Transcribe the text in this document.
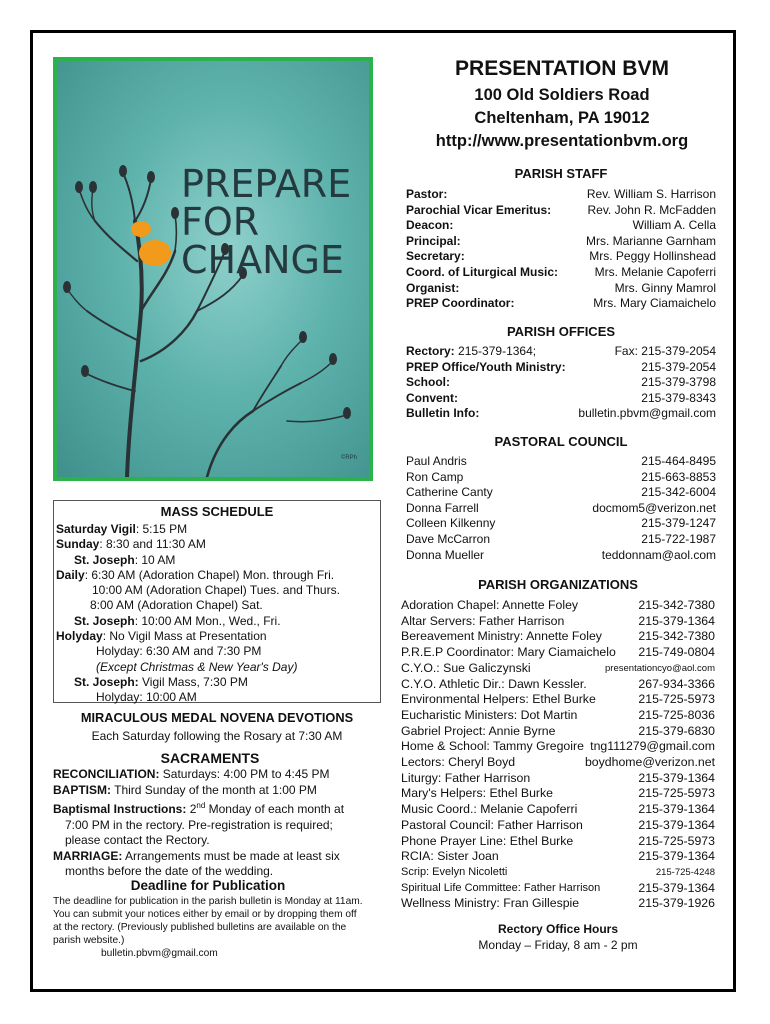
PREPARE
FOR
CHANGE
©RPh
MASS SCHEDULE
Saturday Vigil: 5:15 PM
Sunday: 8:30 and 11:30 AM
St. Joseph: 10 AM
Daily: 6:30 AM (Adoration Chapel) Mon. through Fri.
10:00 AM (Adoration Chapel) Tues. and Thurs.
8:00 AM (Adoration Chapel) Sat.
St. Joseph: 10:00 AM Mon., Wed., Fri.
Holyday: No Vigil Mass at Presentation
Holyday: 6:30 AM and 7:30 PM
(Except Christmas & New Year's Day)
St. Joseph: Vigil Mass, 7:30 PM
Holyday: 10:00 AM
MIRACULOUS MEDAL NOVENA DEVOTIONS
Each Saturday following the Rosary at 7:30 AM
SACRAMENTS
RECONCILIATION: Saturdays: 4:00 PM to 4:45 PM
BAPTISM: Third Sunday of the month at 1:00 PM
Baptismal Instructions: 2nd Monday of each month at
7:00 PM in the rectory. Pre-registration is required;
please contact the Rectory.
MARRIAGE: Arrangements must be made at least six
months before the date of the wedding.
Deadline for Publication
The deadline for publication in the parish bulletin is Monday at 11am. You can submit your notices either by email or by dropping them off at the rectory. (Previously published bulletins are available on the parish website.)
bulletin.pbvm@gmail.com
PRESENTATION BVM
100 Old Soldiers Road
Cheltenham, PA 19012
http://www.presentationbvm.org
PARISH STAFF
Pastor:	Rev. William S. Harrison
Parochial Vicar Emeritus:	Rev. John R. McFadden
Deacon:	William A. Cella
Principal:	Mrs. Marianne Garnham
Secretary:	Mrs. Peggy Hollinshead
Coord. of Liturgical Music:	Mrs. Melanie Capoferri
Organist:	Mrs. Ginny Mamrol
PREP Coordinator:	Mrs. Mary Ciamaichelo
PARISH OFFICES
Rectory: 215-379-1364;	Fax: 215-379-2054
PREP Office/Youth Ministry:	215-379-2054
School:	215-379-3798
Convent:	215-379-8343
Bulletin Info:	bulletin.pbvm@gmail.com
PASTORAL COUNCIL
Paul Andris	215-464-8495
Ron Camp	215-663-8853
Catherine Canty	215-342-6004
Donna Farrell	docmom5@verizon.net
Colleen Kilkenny	215-379-1247
Dave McCarron	215-722-1987
Donna Mueller	teddonnam@aol.com
PARISH ORGANIZATIONS
Adoration Chapel: Annette Foley	215-342-7380
Altar Servers: Father Harrison	215-379-1364
Bereavement Ministry: Annette Foley	215-342-7380
P.R.E.P Coordinator: Mary Ciamaichelo 215-749-0804
C.Y.O.: Sue Galiczynski	presentationcyo@aol.com
C.Y.O. Athletic Dir.: Dawn Kessler.	267-934-3366
Environmental Helpers: Ethel Burke	215-725-5973
Eucharistic Ministers: Dot Martin	215-725-8036
Gabriel Project: Annie Byrne	215-379-6830
Home & School: Tammy Gregoire tng111279@gmail.com
Lectors: Cheryl Boyd	boydhome@verizon.net
Liturgy: Father Harrison	215-379-1364
Mary's Helpers: Ethel Burke	215-725-5973
Music Coord.: Melanie Capoferri	215-379-1364
Pastoral Council: Father Harrison	215-379-1364
Phone Prayer Line: Ethel Burke	215-725-5973
RCIA: Sister Joan	215-379-1364
Scrip: Evelyn Nicoletti	215-725-4248
Spiritual Life Committee: Father Harrison	215-379-1364
Wellness Ministry: Fran Gillespie	215-379-1926
Rectory Office Hours
Monday – Friday, 8 am - 2 pm
